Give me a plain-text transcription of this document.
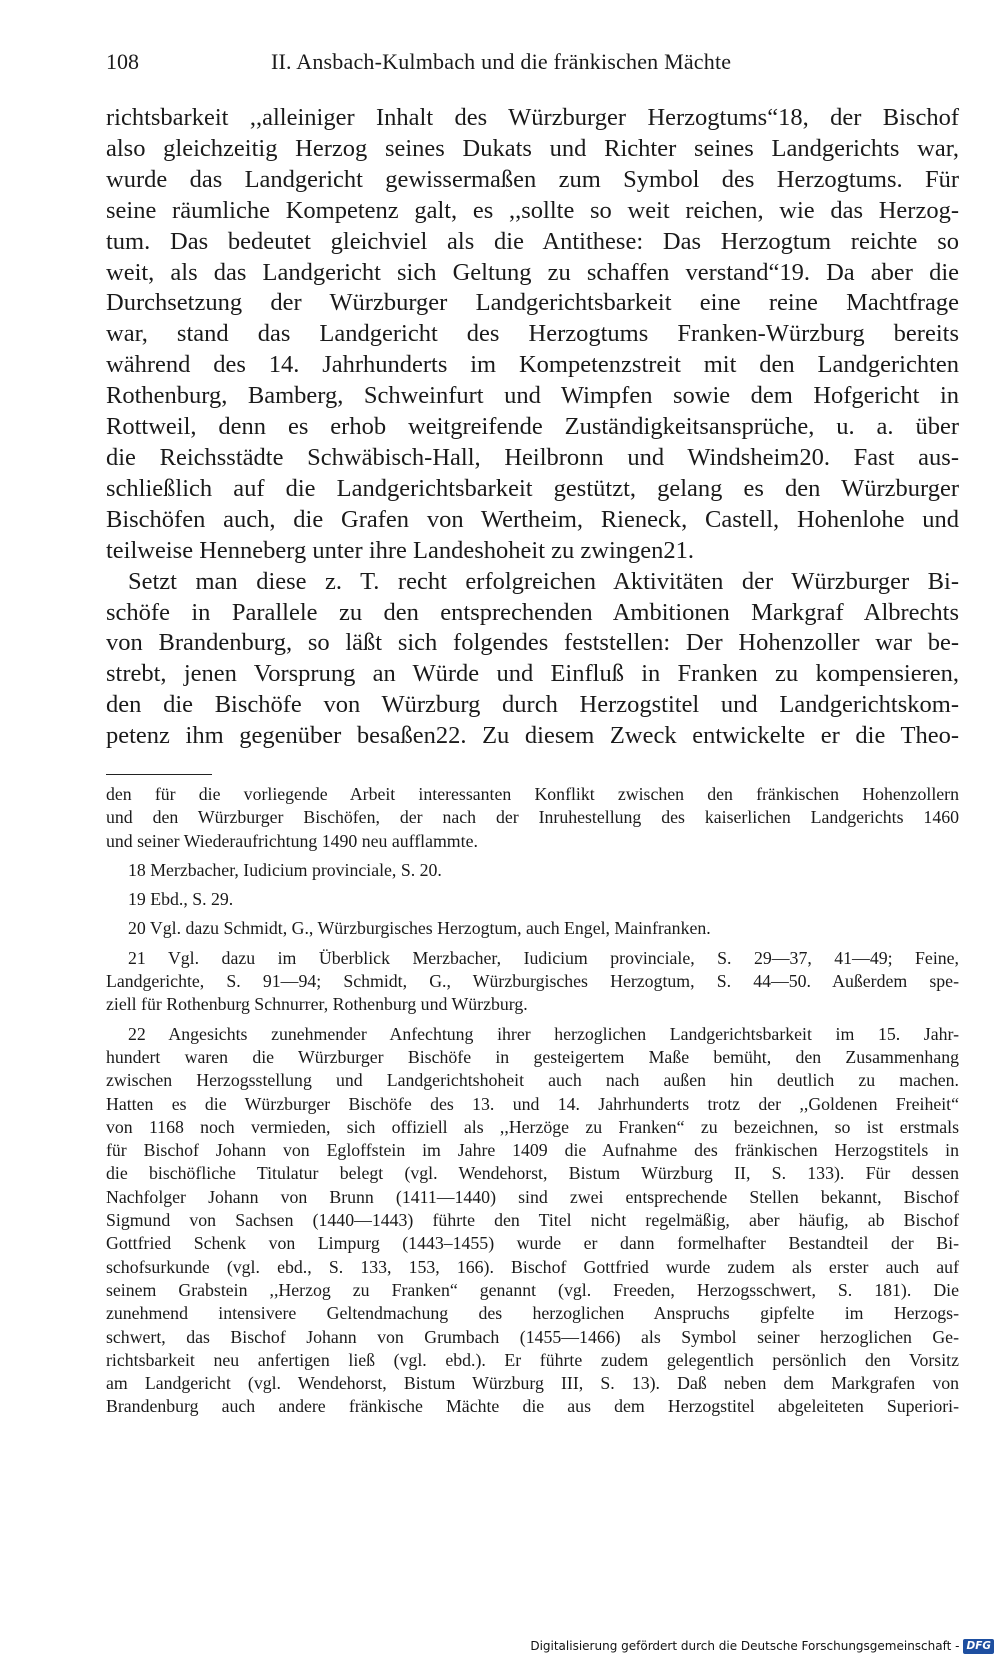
108	II. Ansbach-Kulmbach und die fränkischen Mächte
richtsbarkeit ,,alleiniger Inhalt des Würzburger Herzogtums“18, der Bischof
also gleichzeitig Herzog seines Dukats und Richter seines Landgerichts war,
wurde das Landgericht gewissermaßen zum Symbol des Herzogtums. Für
seine räumliche Kompetenz galt, es ,,sollte so weit reichen, wie das Herzog-
tum. Das bedeutet gleichviel als die Antithese: Das Herzogtum reichte so
weit, als das Landgericht sich Geltung zu schaffen verstand“19. Da aber die
Durchsetzung der Würzburger Landgerichtsbarkeit eine reine Machtfrage
war, stand das Landgericht des Herzogtums Franken-Würzburg bereits
während des 14. Jahrhunderts im Kompetenzstreit mit den Landgerichten
Rothenburg, Bamberg, Schweinfurt und Wimpfen sowie dem Hofgericht in
Rottweil, denn es erhob weitgreifende Zuständigkeitsansprüche, u. a. über
die Reichsstädte Schwäbisch-Hall, Heilbronn und Windsheim20. Fast aus-
schließlich auf die Landgerichtsbarkeit gestützt, gelang es den Würzburger
Bischöfen auch, die Grafen von Wertheim, Rieneck, Castell, Hohenlohe und
teilweise Henneberg unter ihre Landeshoheit zu zwingen21.
Setzt man diese z. T. recht erfolgreichen Aktivitäten der Würzburger Bi-
schöfe in Parallele zu den entsprechenden Ambitionen Markgraf Albrechts
von Brandenburg, so läßt sich folgendes feststellen: Der Hohenzoller war be-
strebt, jenen Vorsprung an Würde und Einfluß in Franken zu kompensieren,
den die Bischöfe von Würzburg durch Herzogstitel und Landgerichtskom-
petenz ihm gegenüber besaßen22. Zu diesem Zweck entwickelte er die Theo-
den für die vorliegende Arbeit interessanten Konflikt zwischen den fränkischen Hohenzollern
und den Würzburger Bischöfen, der nach der Inruhestellung des kaiserlichen Landgerichts 1460
und seiner Wiederaufrichtung 1490 neu aufflammte.
18 Merzbacher, Iudicium provinciale, S. 20.
19 Ebd., S. 29.
20 Vgl. dazu Schmidt, G., Würzburgisches Herzogtum, auch Engel, Mainfranken.
21 Vgl. dazu im Überblick Merzbacher, Iudicium provinciale, S. 29—37, 41—49; Feine,
Landgerichte, S. 91—94; Schmidt, G., Würzburgisches Herzogtum, S. 44—50. Außerdem spe-
ziell für Rothenburg Schnurrer, Rothenburg und Würzburg.
22 Angesichts zunehmender Anfechtung ihrer herzoglichen Landgerichtsbarkeit im 15. Jahr-
hundert waren die Würzburger Bischöfe in gesteigertem Maße bemüht, den Zusammenhang
zwischen Herzogsstellung und Landgerichtshoheit auch nach außen hin deutlich zu machen.
Hatten es die Würzburger Bischöfe des 13. und 14. Jahrhunderts trotz der ,,Goldenen Freiheit“
von 1168 noch vermieden, sich offiziell als ,,Herzöge zu Franken“ zu bezeichnen, so ist erstmals
für Bischof Johann von Egloffstein im Jahre 1409 die Aufnahme des fränkischen Herzogstitels in
die bischöfliche Titulatur belegt (vgl. Wendehorst, Bistum Würzburg II, S. 133). Für dessen
Nachfolger Johann von Brunn (1411—1440) sind zwei entsprechende Stellen bekannt, Bischof
Sigmund von Sachsen (1440—1443) führte den Titel nicht regelmäßig, aber häufig, ab Bischof
Gottfried Schenk von Limpurg (1443–1455) wurde er dann formelhafter Bestandteil der Bi-
schofsurkunde (vgl. ebd., S. 133, 153, 166). Bischof Gottfried wurde zudem als erster auch auf
seinem Grabstein ,,Herzog zu Franken“ genannt (vgl. Freeden, Herzogsschwert, S. 181). Die
zunehmend intensivere Geltendmachung des herzoglichen Anspruchs gipfelte im Herzogs-
schwert, das Bischof Johann von Grumbach (1455—1466) als Symbol seiner herzoglichen Ge-
richtsbarkeit neu anfertigen ließ (vgl. ebd.). Er führte zudem gelegentlich persönlich den Vorsitz
am Landgericht (vgl. Wendehorst, Bistum Würzburg III, S. 13). Daß neben dem Markgrafen von
Brandenburg auch andere fränkische Mächte die aus dem Herzogstitel abgeleiteten Superiori-
Digitalisierung gefördert durch die Deutsche Forschungsgemeinschaft - DFG
